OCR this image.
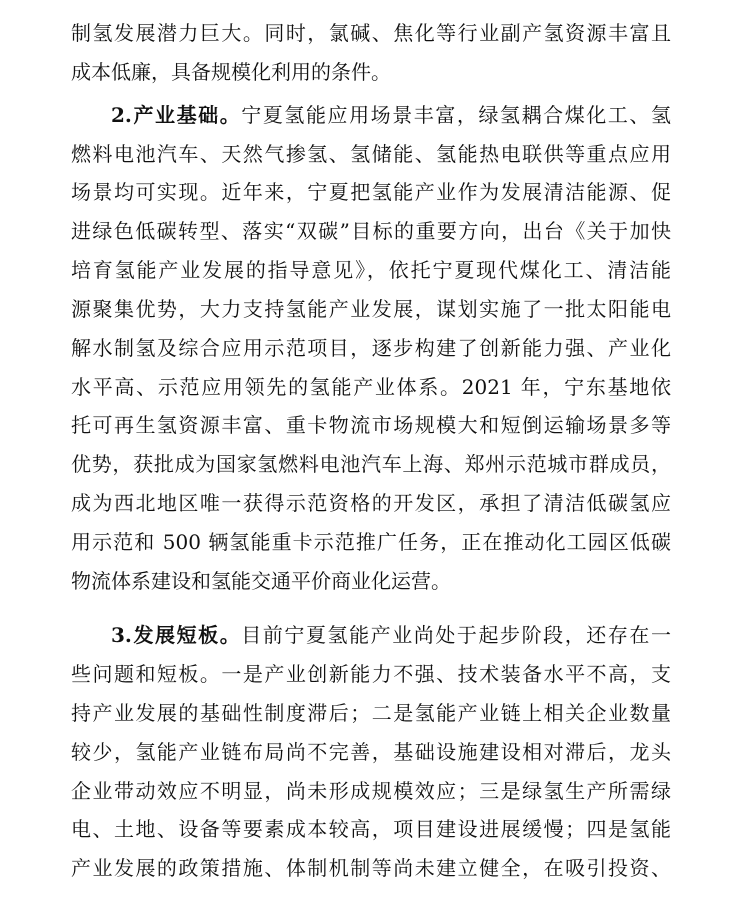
制氢发展潜力巨大。同时，氯碱、焦化等行业副产氢资源丰富且
成本低廉，具备规模化利用的条件。
2.产业基础。宁夏氢能应用场景丰富，绿氢耦合煤化工、氢
燃料电池汽车、天然气掺氢、氢储能、氢能热电联供等重点应用
场景均可实现。近年来，宁夏把氢能产业作为发展清洁能源、促
进绿色低碳转型、落实“双碳”目标的重要方向，出台《关于加快
培育氢能产业发展的指导意见》，依托宁夏现代煤化工、清洁能
源聚集优势，大力支持氢能产业发展，谋划实施了一批太阳能电
解水制氢及综合应用示范项目，逐步构建了创新能力强、产业化
水平高、示范应用领先的氢能产业体系。2021 年，宁东基地依
托可再生氢资源丰富、重卡物流市场规模大和短倒运输场景多等
优势，获批成为国家氢燃料电池汽车上海、郑州示范城市群成员，
成为西北地区唯一获得示范资格的开发区，承担了清洁低碳氢应
用示范和 500 辆氢能重卡示范推广任务，正在推动化工园区低碳
物流体系建设和氢能交通平价商业化运营。
3.发展短板。目前宁夏氢能产业尚处于起步阶段，还存在一
些问题和短板。一是产业创新能力不强、技术装备水平不高，支
持产业发展的基础性制度滞后；二是氢能产业链上相关企业数量
较少，氢能产业链布局尚不完善，基础设施建设相对滞后，龙头
企业带动效应不明显，尚未形成规模效应；三是绿氢生产所需绿
电、土地、设备等要素成本较高，项目建设进展缓慢；四是氢能
产业发展的政策措施、体制机制等尚未建立健全，在吸引投资、
